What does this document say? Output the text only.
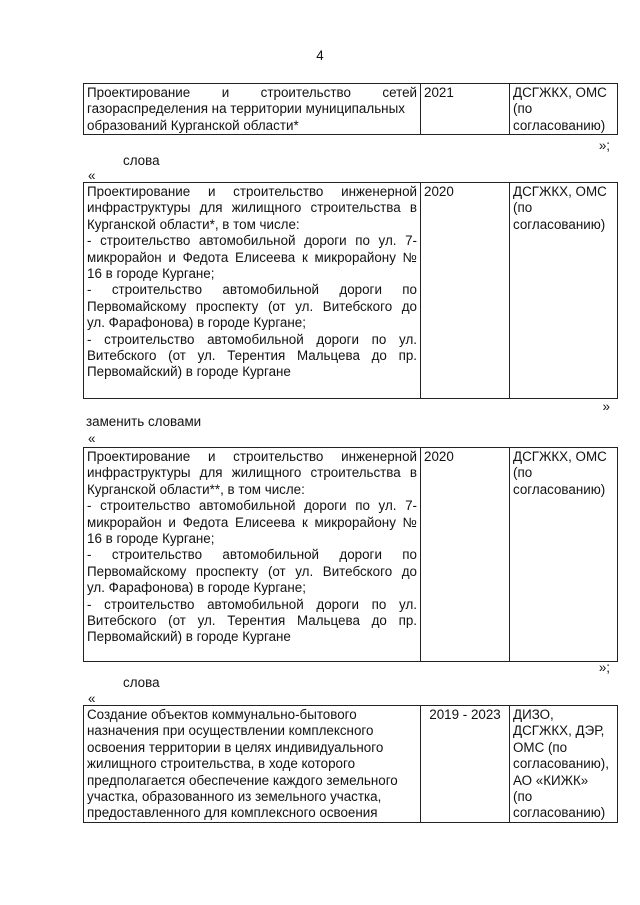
4
Проектирование и строительство сетей
газораспределения на территории муниципальных
образований Курганской области*

2021	ДСГЖКХ, ОМС
(по
согласованию)
»;
слова
«
Проектирование и строительство инженерной
инфраструктуры для жилищного строительства в
Курганской области*, в том числе:
- строительство автомобильной дороги по ул. 7-
микрорайон и Федота Елисеева к микрорайону №
16 в городе Кургане;
- строительство автомобильной дороги по
Первомайскому проспекту (от ул. Витебского до
ул. Фарафонова) в городе Кургане;
- строительство автомобильной дороги по ул.
Витебского (от ул. Терентия Мальцева до пр.
Первомайский) в городе Кургане

2020	ДСГЖКХ, ОМС
(по
согласованию)
»
заменить словами
«
Проектирование и строительство инженерной
инфраструктуры для жилищного строительства в
Курганской области**, в том числе:
- строительство автомобильной дороги по ул. 7-
микрорайон и Федота Елисеева к микрорайону №
16 в городе Кургане;
- строительство автомобильной дороги по
Первомайскому проспекту (от ул. Витебского до
ул. Фарафонова) в городе Кургане;
- строительство автомобильной дороги по ул.
Витебского (от ул. Терентия Мальцева до пр.
Первомайский) в городе Кургане

2020	ДСГЖКХ, ОМС
(по
согласованию)
»;
слова
«
Создание объектов коммунально-бытового
назначения при осуществлении комплексного
освоения территории в целях индивидуального
жилищного строительства, в ходе которого
предполагается обеспечение каждого земельного
участка, образованного из земельного участка,
предоставленного для комплексного освоения

2019 - 2023	ДИЗО,
ДСГЖКХ, ДЭР,
ОМС (по
согласованию),
АО «КИЖК»
(по
согласованию)
